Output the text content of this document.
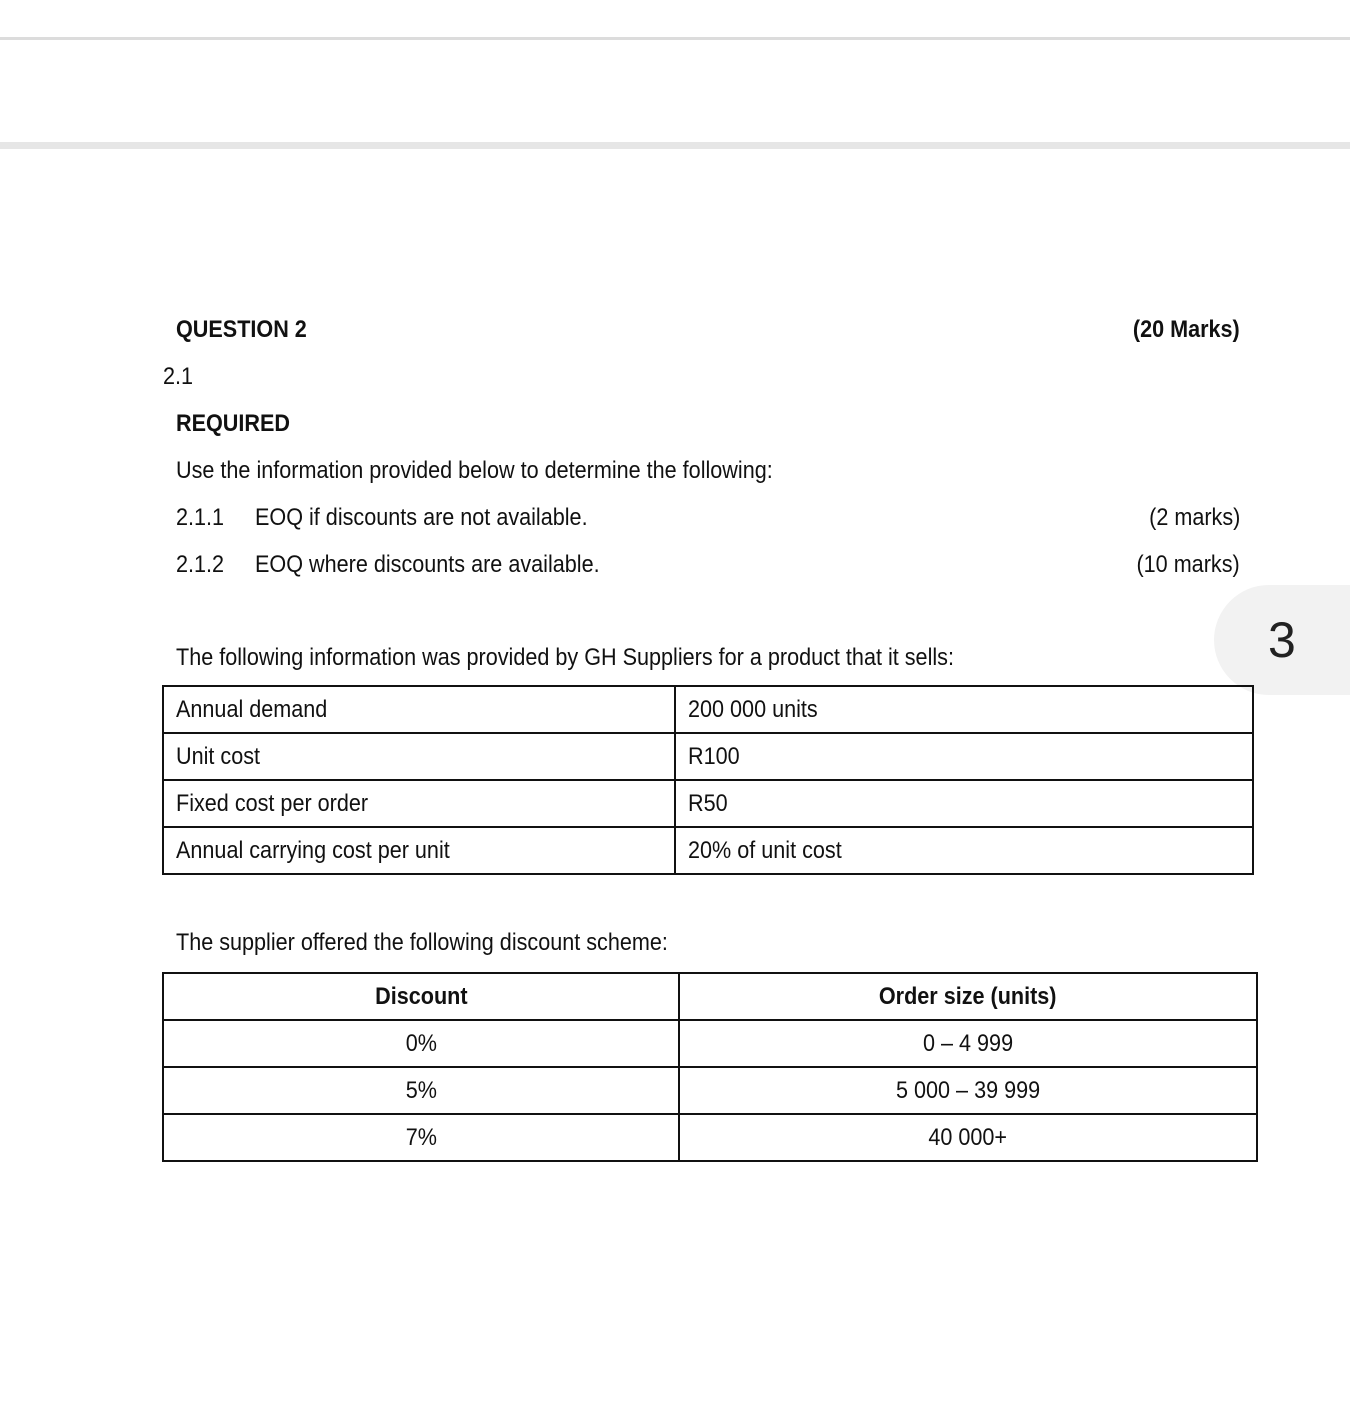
3
QUESTION 2	(20 Marks)
2.1
REQUIRED
Use the information provided below to determine the following:
2.1.1 EOQ if discounts are not available.	(2 marks)
2.1.2 EOQ where discounts are available.	(10 marks)
The following information was provided by GH Suppliers for a product that it sells:
Annual demand	200 000 units
Unit cost	R100
Fixed cost per order	R50
Annual carrying cost per unit	20% of unit cost
The supplier offered the following discount scheme:
Discount	Order size (units)
0%	0 – 4 999
5%	5 000 – 39 999
7%	40 000+
